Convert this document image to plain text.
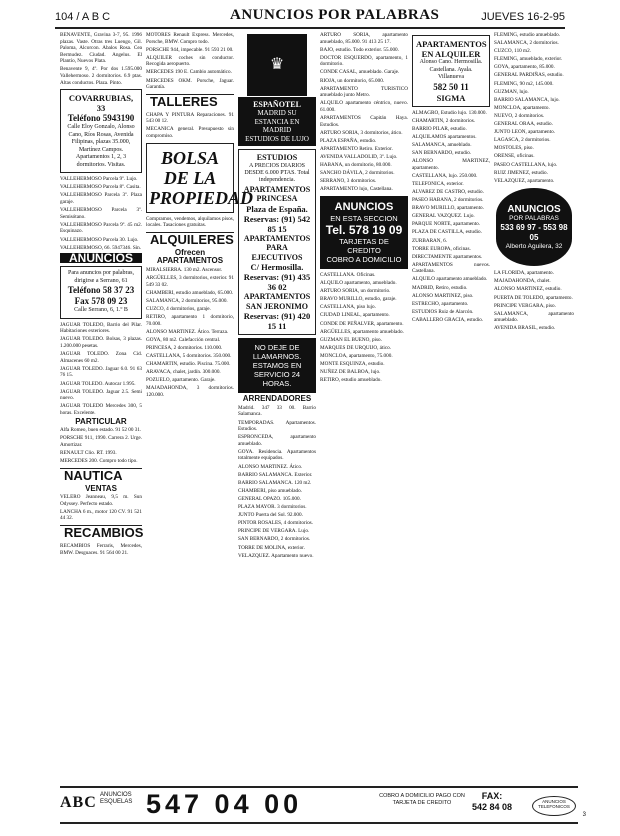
104 / A B C	ANUNCIOS POR PALABRAS	JUEVES 16-2-95

BENAVENTE, Gravina 3-7, 95. 1996 plazas. Vaste. Otras tres Luengo, Gil. Paloma, Alcorcon. Abalos Rosa. Cea Bermudez. Ciudad. Angelus. El Plantío, Nuevos Plata.

Benavente 9, 4º. Por dos 1.595.000 Vallehermoso. 2 dormitorios. 6.9 ptas. Altas conductos. Plaza. Pinto.

COVARRUBIAS, 33
Teléfono 5943190
Calle Eloy Gonzalo, Alonso Cano, Ríos Rosas, Avenida Filipinas, plazas 35.000, Martínez Campos. Apartamentos 1, 2, 3 dormitorios. Visitas.

VALLEHERMOSO Parcela 9º. Lujo.

VALLEHERMOSO Parcela 8º. Casita.

VALLEHERMOSO Parcela 3º. Plaza garaje.

VALLEHERMOSO Parcela 3º. Semisótano.

VALLEHERMOSO Parcela 9º. 45 m2. Esquinazo.

VALLEHERMOSO Parcela 30. Lujo.

VALLEHERMOSO, 66. 5947346. Sin.

ANUNCIOS
Para anuncios por palabras, dirigirse a Serrano, 61
Teléfono 58 37 23
Fax 578 09 23
Calle Serrano, 6, 1.º B

JAGUAR TOLEDO, Barrio del Pilar. Habitaciones exteriores.

JAGUAR TOLEDO. Bolsas, 3 plazas. 1.200.000 pesetas.

JAGUAR TOLEDO. Zona Cid. Almacenes 60 m2.

JAGUAR TOLEDO. Jaguar 6.0. 91 63 76 15.

JAGUAR TOLEDO. Autocar 1.995.

JAGUAR TOLEDO. Jaguar 2.5. Semi nuevo.

JAGUAR TOLEDO Mercedes 300, 5 horas. Excelente.

PARTICULAR

Alfa Romeo, buen estado. 91 52 00 31.

PORSCHE 911, 1990. Carrera 2. Urge. Amortizar.

RENAULT Clio. RT. 1993.

MERCEDES 200. Compro todo tipo.

NAUTICA
VENTAS

VELERO Jeanneau, 9,5 m. Sun Odyssey. Perfecto estado.

LANCHA 6 m., motor 120 CV. 91 521 44 32.

RECAMBIOS

RECAMBIOS Ferraris, Mercedes, BMW. Desguaces. 91 564 00 21.

MOTORES Renault Express. Mercedes, Porsche, BMW. Compro todo.

PORSCHE 944, impecable. 91 593 21 00.

ALQUILER coches sin conductor. Recogida aeropuerto.

MERCEDES 190 E. Cambio automático.

MERCEDES OKM. Porsche, Jaguar. Garantía.

TALLERES

CHAPA Y PINTURA Reparaciones. 91 543 00 12.

MECANICA general. Presupuesto sin compromiso.

BOLSA DE LA PROPIEDAD

Compramos, vendemos, alquilamos pisos, locales. Tasaciones gratuitas.

ALQUILERES
Ofrecen
APARTAMENTOS

MIRALSIERRA. 130 m2. Ascensor.

ARGÜELLES, 3 dormitorios, exterior. 91 549 33 02.

CHAMBERI, estudio amueblado, 65.000.

SALAMANCA, 2 dormitorios, 95.000.

CUZCO, 4 dormitorios, garaje.

RETIRO, apartamento 1 dormitorio, 70.000.

ALONSO MARTINEZ. Ático. Terraza.

GOYA, 80 m2. Calefacción central.

PRINCESA, 2 dormitorios. 110.000.

CASTELLANA, 5 dormitorios. 350.000.

CHAMARTIN, estudio. Piscina. 75.000.

ARAVACA, chalet, jardín. 300.000.

POZUELO, apartamento. Garaje.

MAJADAHONDA, 3 dormitorios. 120.000.

♛
ESPAÑOTEL
MADRID SU ESTANCIA EN MADRID
ESTUDIOS DE LUJO
ESTUDIOS
A PRECIOS DIARIOS DESDE 6.000 PTAS. Total independencia.
APARTAMENTOS PRINCESA
Plaza de España. Reservas: (91) 542 85 15
APARTAMENTOS PARA EJECUTIVOS
C/ Hermosilla. Reservas: (91) 435 36 02
APARTAMENTOS SAN JERONIMO
Reservas: (91) 420 15 11
NO DEJE DE LLAMARNOS. ESTAMOS EN SERVICIO 24 HORAS.
ARRENDADORES

Madrid. 347 33 00. Barrio Salamanca.

TEMPORADAS. Apartamentos. Estudios.

ESPRONCEDA, apartamento amueblado.

GOYA. Residencia. Apartamentos totalmente equipados.

ALONSO MARTINEZ. Ático.

BARRIO SALAMANCA. Exterior.

BARRIO SALAMANCA. 120 m2.

CHAMBERI, piso amueblado.

GENERAL OPAZO. 105.000.

PLAZA MAYOR. 3 dormitorios.

JUNTO Puerta del Sol. 92.000.

PINTOR ROSALES, 4 dormitorios.

PRINCIPE DE VERGARA. Lujo.

SAN BERNARDO, 2 dormitorios.

TORRE DE MOLINA, exterior.

VELAZQUEZ. Apartamento nuevo.

ARTURO SORIA, apartamento amueblado, 85.000. 91 413 25 17.

BAJO, estudio. Todo exterior. 55.000.

DOCTOR ESQUERDO, apartamento, 1 dormitorio.

CONDE CASAL, amueblado. Garaje.

RIOJA, un dormitorio, 65.000.

APARTAMENTO TURISTICO amueblado junto Metro.

ALQUILO apartamento céntrico, nuevo. 61.000.

APARTAMENTOS Capitán Haya. Estudios.

ARTURO SORIA, 3 dormitorios, ático.

PLAZA ESPAÑA, estudio.

APARTAMENTO Retiro. Exterior.

AVENIDA VALLADOLID, 3º. Lujo.

HABANA, un dormitorio, 80.000.

SANCHO DÁVILA, 2 dormitorios.

SERRANO, 3 dormitorios.

APARTAMENTO lujo, Castellana.

ANUNCIOS
EN ESTA SECCION
Tel. 578 19 09
TARJETAS DE CREDITO
COBRO A DOMICILIO

CASTELLANA. Oficinas.

ALQUILO apartamento, amueblado.

ARTURO SORIA, un dormitorio.

BRAVO MURILLO, estudio, garaje.

CASTELLANA, piso lujo.

CIUDAD LINEAL, apartamento.

CONDE DE PEÑALVER, apartamento.

ARGÜELLES, apartamento amueblado.

GUZMAN EL BUENO, piso.

MARQUES DE URQUIJO, ático.

MONCLOA, apartamento, 75.000.

MONTE ESQUINZA, estudio.

NUÑEZ DE BALBOA, lujo.

RETIRO, estudio amueblado.

APARTAMENTOS EN ALQUILER
Alonso Cano. Hermosilla. Castellana. Ayala. Villanueva
582 50 11
SIGMA

ALMAGRO, Estudio lujo. 130.000.

CHAMARTIN, 2 dormitorios.

BARRIO PILAR, estudio.

ALQUILAMOS apartamentos.

SALAMANCA, amueblado.

SAN BERNARDO, estudio.

ALONSO MARTINEZ, apartamento.

CASTELLANA, lujo. 250.000.

TELEFONICA, exterior.

ALVAREZ DE CASTRO, estudio.

PASEO HABANA, 2 dormitorios.

BRAVO MURILLO, apartamento.

GENERAL VAZQUEZ. Lujo.

PARQUE NORTE, apartamento.

PLAZA DE CASTILLA, estudio.

ZURBARAN, 6.

TORRE EUROPA, oficinas.

DIRECTAMENTE apartamentos.

APARTAMENTOS nuevos. Castellana.

ALQUILO apartamento amueblado.

MADRID, Retiro, estudio.

ALONSO MARTINEZ, piso.

ESTRECHO, apartamento.

ESTUDIOS Ruiz de Alarcón.

CABALLERO GRACIA, estudio.

FLEMING, estudio amueblado.

SALAMANCA, 2 dormitorios.

CUZCO, 110 m2.

FLEMING, amueblado, exterior.

GOYA, apartamento, 85.000.

GENERAL PARDIÑAS, estudio.

FLEMING, 90 m2, 145.000.

GUZMAN, lujo.

BARRIO SALAMANCA, lujo.

MONCLOA, apartamento.

NUEVO, 2 dormitorios.

GENERAL ORAA, estudio.

JUNTO LEON, apartamento.

LAGASCA, 2 dormitorios.

MOSTOLES, piso.

ORENSE, oficinas.

PASEO CASTELLANA, lujo.

RUIZ JIMENEZ, estudio.

VELAZQUEZ, apartamento.

ANUNCIOS
POR PALABRAS
533 69 97 - 553 98 05
Alberto Aguilera, 32

LA FLORIDA, apartamento.

MAJADAHONDA, chalet.

ALONSO MARTINEZ, estudio.

PUERTA DE TOLEDO, apartamento.

PRINCIPE VERGARA, piso.

SALAMANCA, apartamento amueblado.

AVENIDA BRASIL, estudio.

ABC ANUNCIOS ESQUELAS 547 04 00	COBRO A DOMICILIO PAGO CON TARJETA DE CREDITO
FAX:
542 84 08
ANUNCIOS TELEFONICOS
3
